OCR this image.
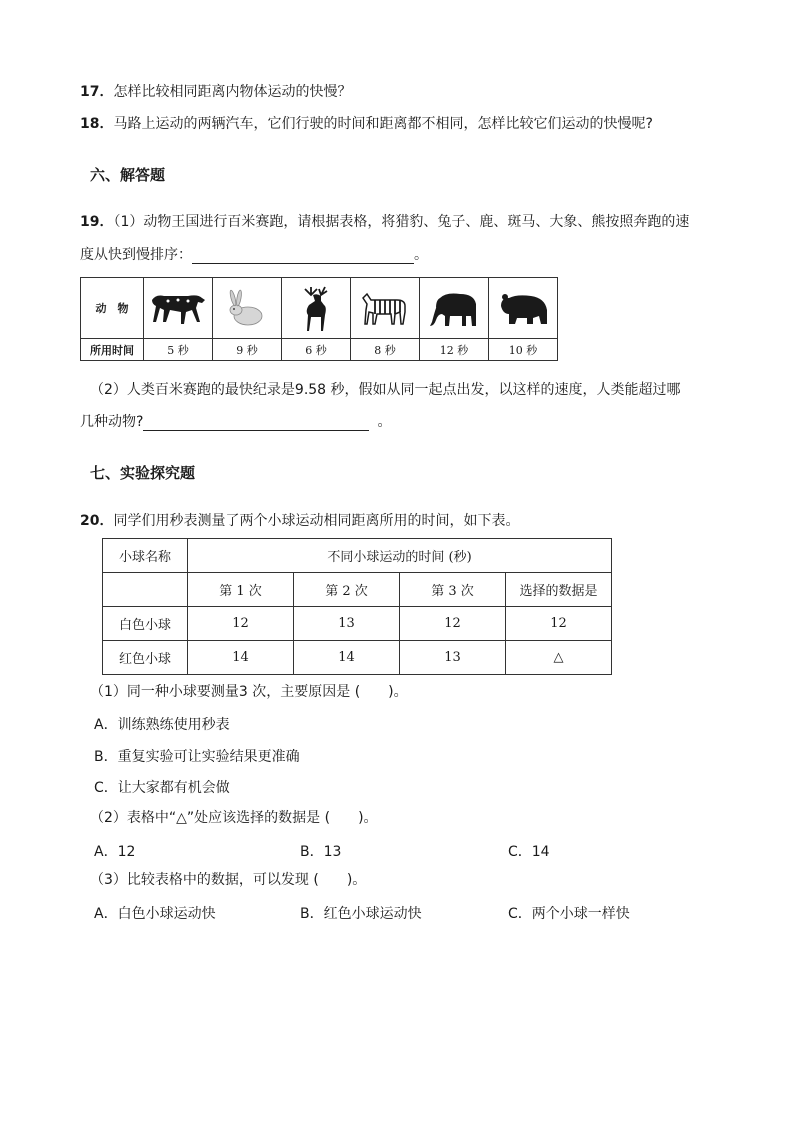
17．怎样比较相同距离内物体运动的快慢？
18．马路上运动的两辆汽车，它们行驶的时间和距离都不相同，怎样比较它们运动的快慢呢?
六、解答题
19．（1）动物王国进行百米赛跑，请根据表格，将猎豹、兔子、鹿、斑马、大象、熊按照奔跑的速
度从快到慢排序：	。
动　物	

所用时间	5 秒	9 秒	6 秒	8 秒	12 秒	10 秒
（2）人类百米赛跑的最快纪录是9.58 秒，假如从同一起点出发，以这样的速度，人类能超过哪
几种动物?	。
七、实验探究题
20．同学们用秒表测量了两个小球运动相同距离所用的时间，如下表。
小球名称	不同小球运动的时间 (秒)			
	第 1 次	第 2 次	第 3 次	选择的数据是
白色小球	12	13	12	12
红色小球	14	14	13	△
（1）同一种小球要测量3 次，主要原因是 (　　)。
A．训练熟练使用秒表
B．重复实验可让实验结果更准确
C．让大家都有机会做
（2）表格中“△”处应该选择的数据是 (　　)。
A．12	B．13	C．14
（3）比较表格中的数据，可以发现 (　　)。
A．白色小球运动快	B．红色小球运动快	C．两个小球一样快
